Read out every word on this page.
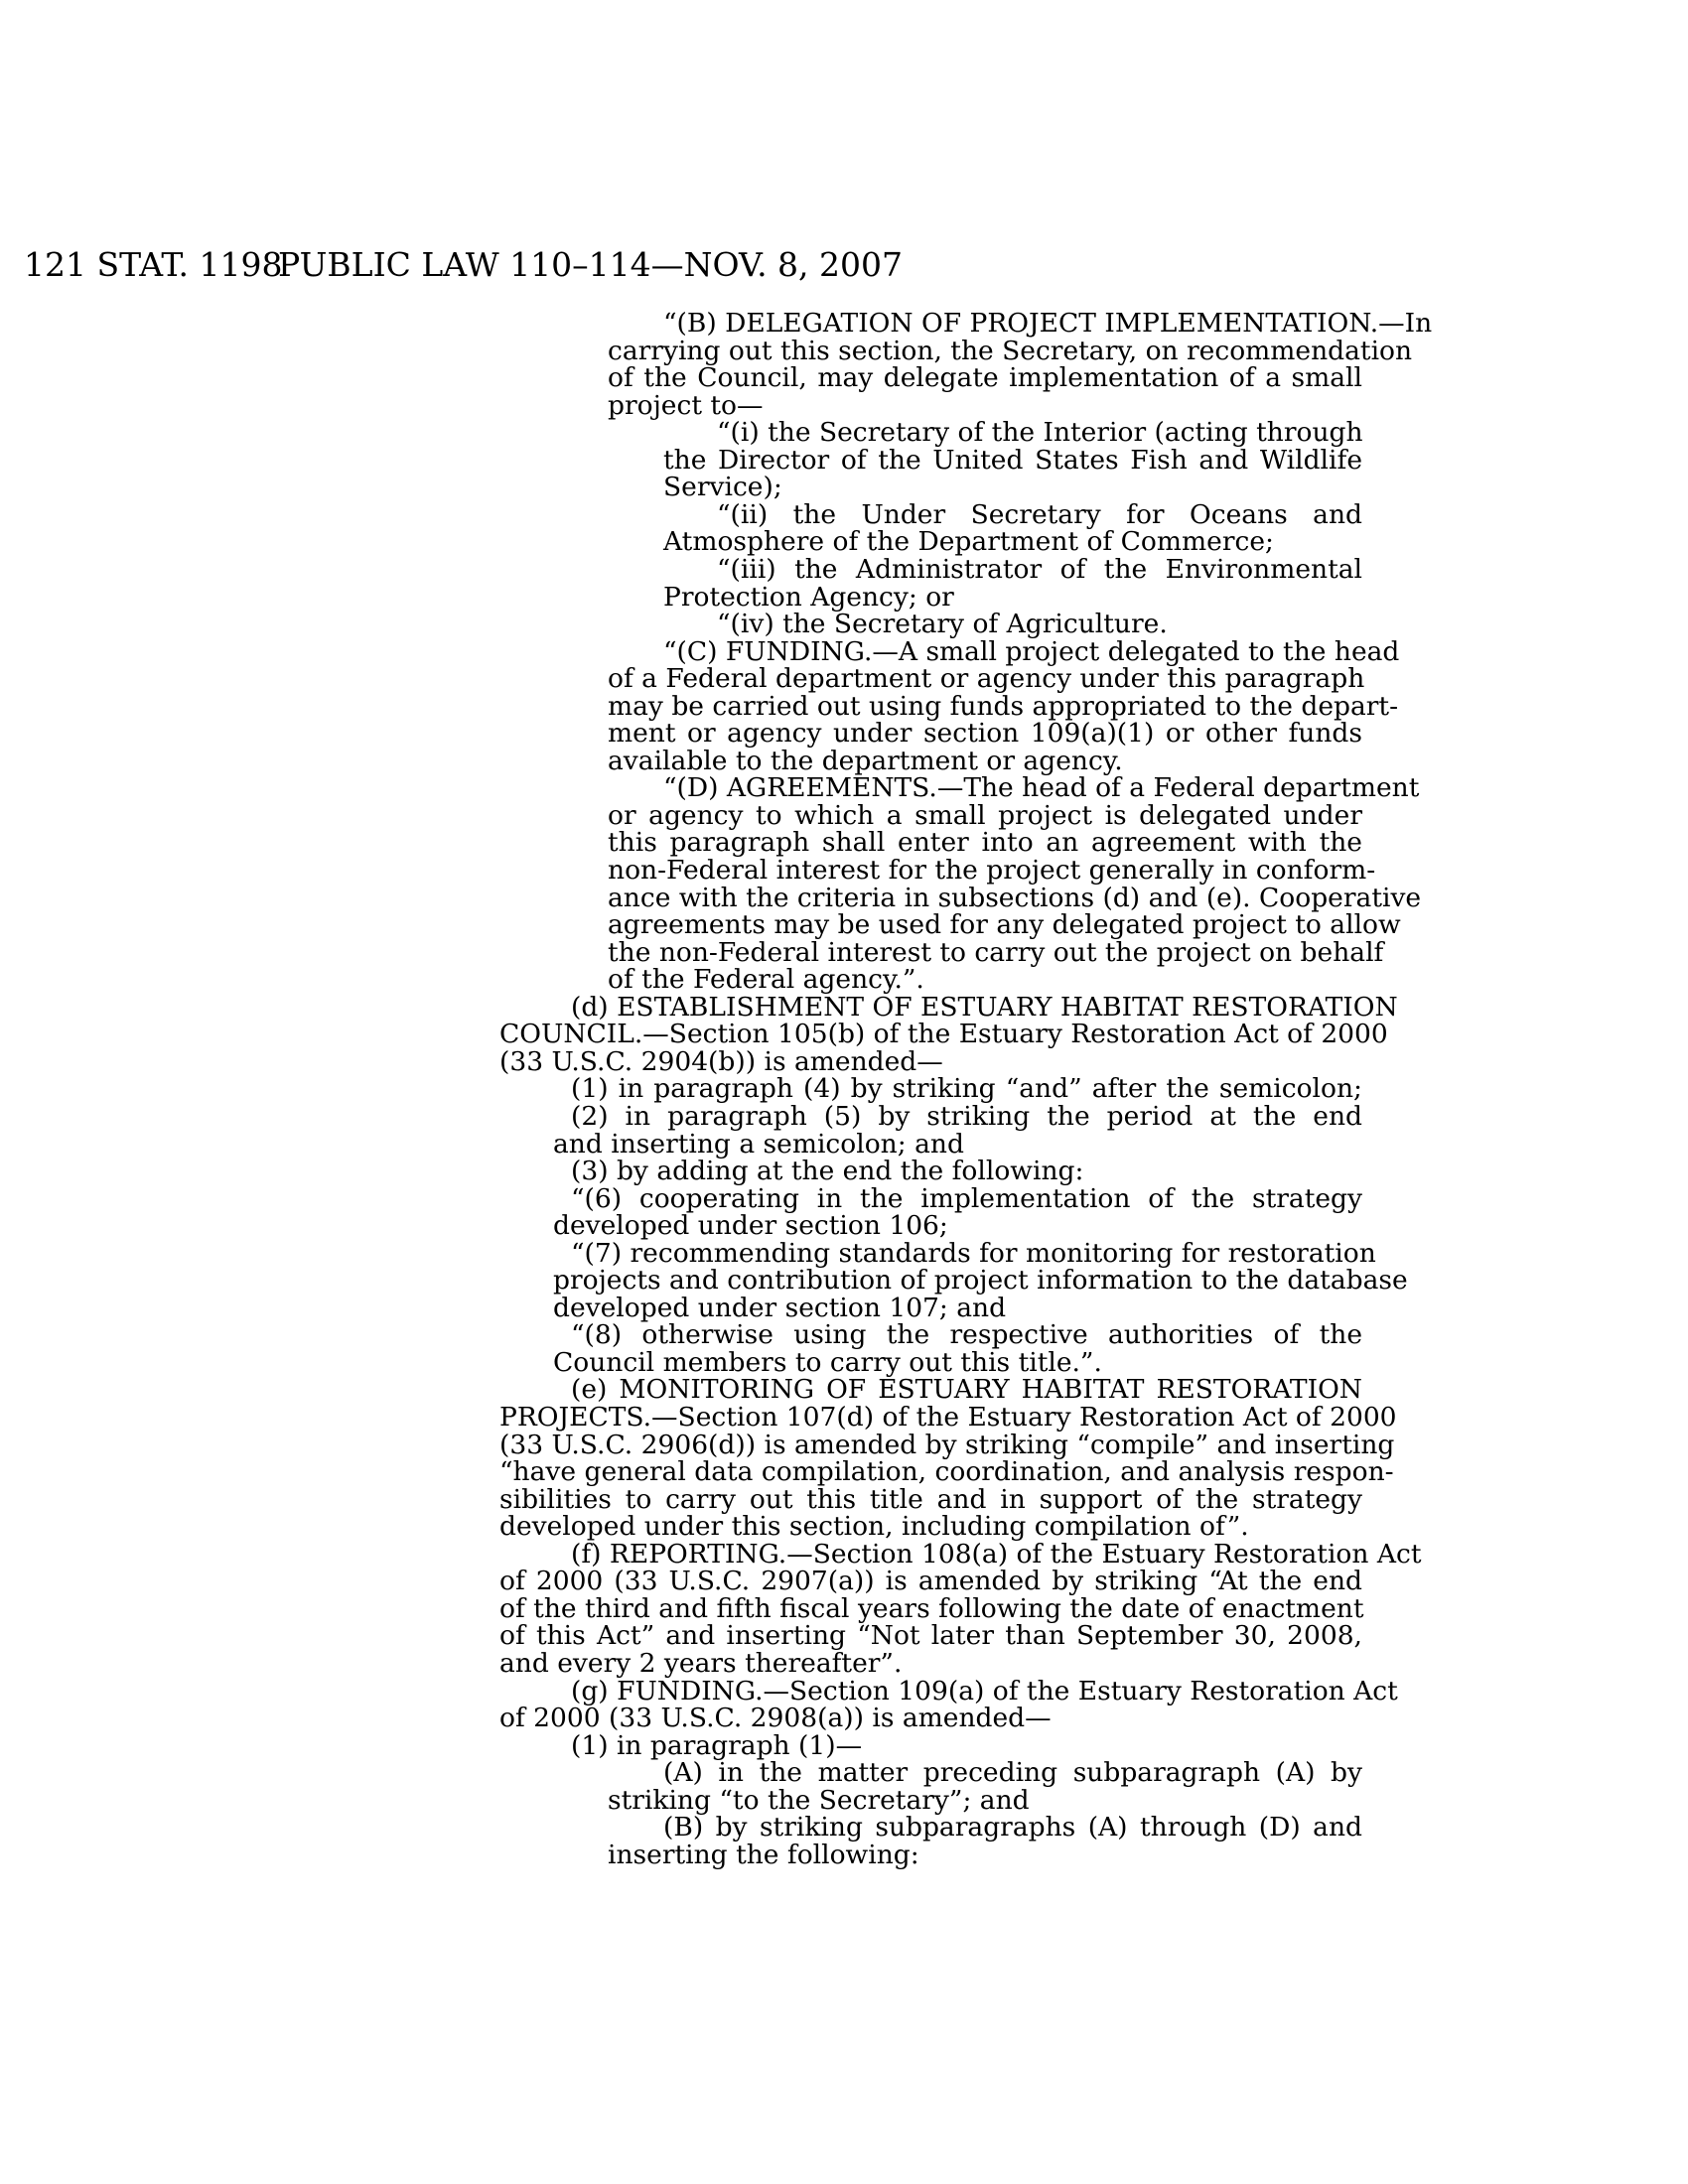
121 STAT. 1198
PUBLIC LAW 110–114—NOV. 8, 2007
“(B) DELEGATION OF PROJECT IMPLEMENTATION.—In
carrying out this section, the Secretary, on recommendation
of the Council, may delegate implementation of a small
project to—
“(i) the Secretary of the Interior (acting through
the Director of the United States Fish and Wildlife
Service);
“(ii) the Under Secretary for Oceans and
Atmosphere of the Department of Commerce;
“(iii) the Administrator of the Environmental
Protection Agency; or
“(iv) the Secretary of Agriculture.
“(C) FUNDING.—A small project delegated to the head
of a Federal department or agency under this paragraph
may be carried out using funds appropriated to the depart-
ment or agency under section 109(a)(1) or other funds
available to the department or agency.
“(D) AGREEMENTS.—The head of a Federal department
or agency to which a small project is delegated under
this paragraph shall enter into an agreement with the
non-Federal interest for the project generally in conform-
ance with the criteria in subsections (d) and (e). Cooperative
agreements may be used for any delegated project to allow
the non-Federal interest to carry out the project on behalf
of the Federal agency.”.
(d) ESTABLISHMENT OF ESTUARY HABITAT RESTORATION
COUNCIL.—Section 105(b) of the Estuary Restoration Act of 2000
(33 U.S.C. 2904(b)) is amended—
(1) in paragraph (4) by striking “and” after the semicolon;
(2) in paragraph (5) by striking the period at the end
and inserting a semicolon; and
(3) by adding at the end the following:
“(6) cooperating in the implementation of the strategy
developed under section 106;
“(7) recommending standards for monitoring for restoration
projects and contribution of project information to the database
developed under section 107; and
“(8) otherwise using the respective authorities of the
Council members to carry out this title.”.
(e) MONITORING OF ESTUARY HABITAT RESTORATION
PROJECTS.—Section 107(d) of the Estuary Restoration Act of 2000
(33 U.S.C. 2906(d)) is amended by striking “compile” and inserting
“have general data compilation, coordination, and analysis respon-
sibilities to carry out this title and in support of the strategy
developed under this section, including compilation of”.
(f) REPORTING.—Section 108(a) of the Estuary Restoration Act
of 2000 (33 U.S.C. 2907(a)) is amended by striking “At the end
of the third and fifth fiscal years following the date of enactment
of this Act” and inserting “Not later than September 30, 2008,
and every 2 years thereafter”.
(g) FUNDING.—Section 109(a) of the Estuary Restoration Act
of 2000 (33 U.S.C. 2908(a)) is amended—
(1) in paragraph (1)—
(A) in the matter preceding subparagraph (A) by
striking “to the Secretary”; and
(B) by striking subparagraphs (A) through (D) and
inserting the following:
